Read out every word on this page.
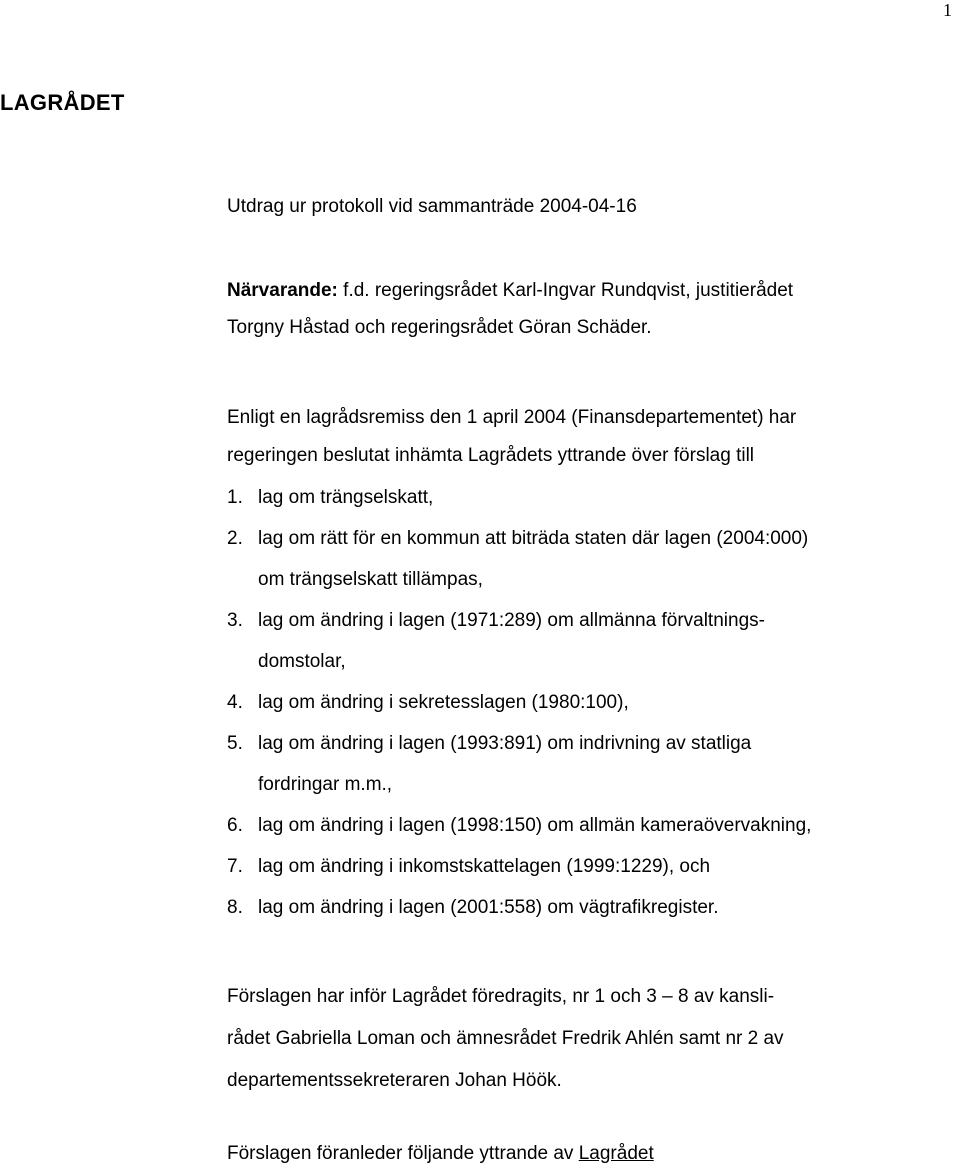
1
LAGRÅDET
Utdrag ur protokoll vid sammanträde 2004-04-16
Närvarande: f.d. regeringsrådet Karl-Ingvar Rundqvist, justitierådet
Torgny Håstad och regeringsrådet Göran Schäder.
Enligt en lagrådsremiss den 1 april 2004 (Finansdepartementet) har
regeringen beslutat inhämta Lagrådets yttrande över förslag till
1. lag om trängselskatt,
2. lag om rätt för en kommun att biträda staten där lagen (2004:000)
om trängselskatt tillämpas,
3. lag om ändring i lagen (1971:289) om allmänna förvaltnings-
domstolar,
4. lag om ändring i sekretesslagen (1980:100),
5. lag om ändring i lagen (1993:891) om indrivning av statliga
fordringar m.m.,
6. lag om ändring i lagen (1998:150) om allmän kameraövervakning,
7. lag om ändring i inkomstskattelagen (1999:1229), och
8. lag om ändring i lagen (2001:558) om vägtrafikregister.
Förslagen har inför Lagrådet föredragits, nr 1 och 3 – 8 av kansli-
rådet Gabriella Loman och ämnesrådet Fredrik Ahlén samt nr 2 av
departementssekreteraren Johan Höök.
Förslagen föranleder följande yttrande av Lagrådet
